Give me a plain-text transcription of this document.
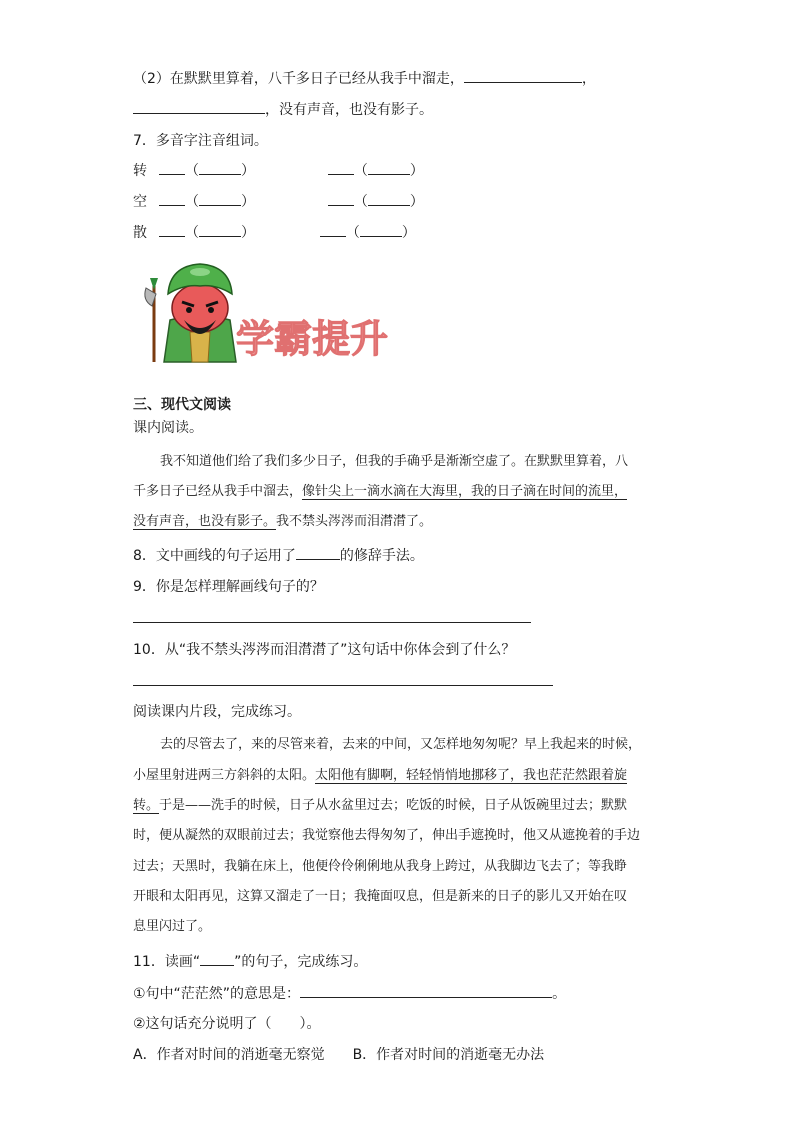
（2）在默默里算着，八千多日子已经从我手中溜走，	，
，没有声音，也没有影子。
7．多音字注音组词。
转	（	）	（	）
空	（	）	（	）
散	（	）	（	）
学霸提升
三、现代文阅读
课内阅读。
我不知道他们给了我们多少日子，但我的手确乎是渐渐空虚了。在默默里算着，八
千多日子已经从我手中溜去，像针尖上一滴水滴在大海里，我的日子滴在时间的流里，
没有声音，也没有影子。我不禁头涔涔而泪潸潸了。
8．文中画线的句子运用了	的修辞手法。
9．你是怎样理解画线句子的？
10．从“我不禁头涔涔而泪潸潸了”这句话中你体会到了什么？
阅读课内片段，完成练习。
去的尽管去了，来的尽管来着，去来的中间，又怎样地匆匆呢？早上我起来的时候，
小屋里射进两三方斜斜的太阳。太阳他有脚啊，轻轻悄悄地挪移了，我也茫茫然跟着旋
转。于是——洗手的时候，日子从水盆里过去；吃饭的时候，日子从饭碗里过去；默默
时，便从凝然的双眼前过去；我觉察他去得匆匆了，伸出手遮挽时，他又从遮挽着的手边
过去；天黑时，我躺在床上，他便伶伶俐俐地从我身上跨过，从我脚边飞去了；等我睁
开眼和太阳再见，这算又溜走了一日；我掩面叹息，但是新来的日子的影儿又开始在叹
息里闪过了。
11．读画“ ”的句子，完成练习。
①句中“茫茫然”的意思是：	。
②这句话充分说明了（　　）。
A．作者对时间的消逝毫无察觉 B．作者对时间的消逝毫无办法
